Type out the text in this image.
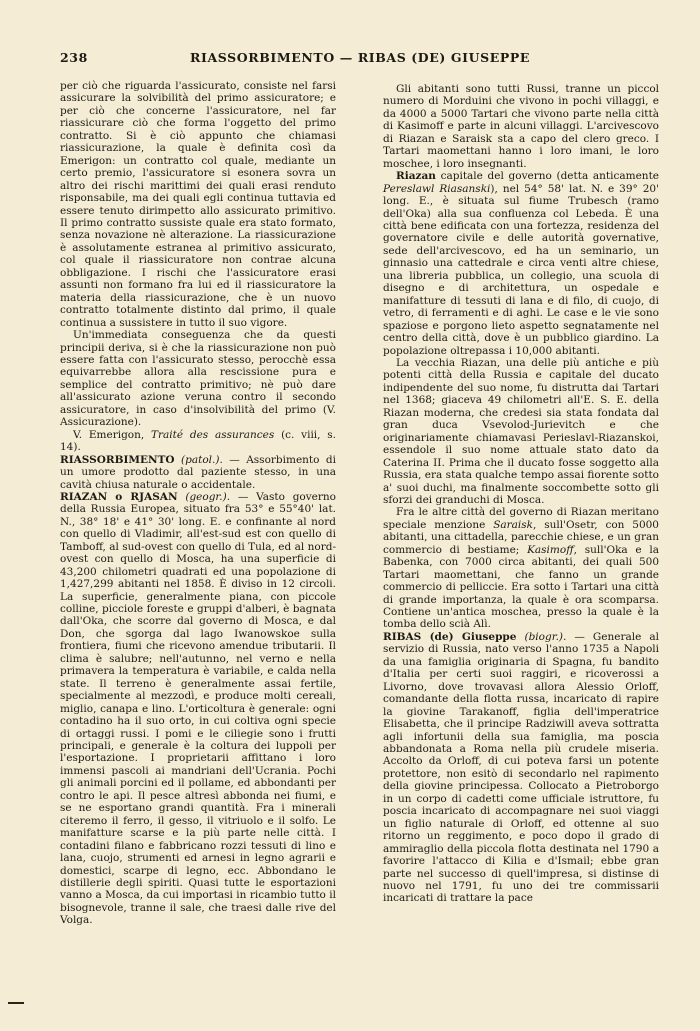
238	RIASSORBIMENTO — RIBAS (DE) GIUSEPPE

per ciò che riguarda l'assicurato, consiste nel farsi assicurare la solvibilità del primo assicuratore; e per ciò che concerne l'assicuratore, nel far riassicurare ciò che forma l'oggetto del primo contratto. Si è ciò appunto che chiamasi riassicurazione, la quale è definita così da Emerigon: un contratto col quale, mediante un certo premio, l'assicuratore si esonera sovra un altro dei rischi marittimi dei quali erasi renduto risponsabile, ma dei quali egli continua tuttavia ed essere tenuto dirimpetto allo assicurato primitivo. Il primo contratto sussiste quale era stato formato, senza novazione nè alterazione. La riassicurazione è assolutamente estranea al primitivo assicurato, col quale il riassicuratore non contrae alcuna obbligazione. I rischi che l'assicuratore erasi assunti non formano fra lui ed il riassicuratore la materia della riassicurazione, che è un nuovo contratto totalmente distinto dal primo, il quale continua a sussistere in tutto il suo vigore.

Un'immediata conseguenza che da questi principii deriva, si è che la riassicurazione non può essere fatta con l'assicurato stesso, perocchè essa equivarrebbe allora alla rescissione pura e semplice del contratto primitivo; nè può dare all'assicurato azione veruna contro il secondo assicuratore, in caso d'insolvibilità del primo (V. Assicurazione).

V. Emerigon, Traité des assurances (c. viii, s. 14).

RIASSORBIMENTO (patol.). — Assorbimento di un umore prodotto dal paziente stesso, in una cavità chiusa naturale o accidentale.

RIAZAN o RJASAN (geogr.). — Vasto governo della Russia Europea, situato fra 53° e 55°40' lat. N., 38° 18' e 41° 30' long. E. e confinante al nord con quello di Vladimir, all'est-sud est con quello di Tamboff, al sud-ovest con quello di Tula, ed al nord-ovest con quello di Mosca, ha una superficie di 43,200 chilometri quadrati ed una popolazione di 1,427,299 abitanti nel 1858. È diviso in 12 circoli. La superficie, generalmente piana, con piccole colline, picciole foreste e gruppi d'alberi, è bagnata dall'Oka, che scorre dal governo di Mosca, e dal Don, che sgorga dal lago Iwanowskoe sulla frontiera, fiumi che ricevono amendue tributarii. Il clima è salubre; nell'autunno, nel verno e nella primavera la temperatura è variabile, e calda nella state. Il terreno è generalmente assai fertile, specialmente al mezzodì, e produce molti cereali, miglio, canapa e lino. L'orticoltura è generale: ogni contadino ha il suo orto, in cui coltiva ogni specie di ortaggi russi. I pomi e le ciliegie sono i frutti principali, e generale è la coltura dei luppoli per l'esportazione. I proprietarii affittano i loro immensi pascoli ai mandriani dell'Ucrania. Pochi gli animali porcini ed il pollame, ed abbondanti per contro le api. Il pesce altresì abbonda nei fiumi, e se ne esportano grandi quantità. Fra i minerali citeremo il ferro, il gesso, il vitriuolo e il solfo. Le manifatture scarse e la più parte nelle città. I contadini filano e fabbricano rozzi tessuti di lino e lana, cuojo, strumenti ed arnesi in legno agrarii e domestici, scarpe di legno, ecc. Abbondano le distillerie degli spiriti. Quasi tutte le esportazioni vanno a Mosca, da cui importasi in ricambio tutto il bisognevole, tranne il sale, che traesi dalle rive del Volga.

Gli abitanti sono tutti Russi, tranne un piccol numero di Morduini che vivono in pochi villaggi, e da 4000 a 5000 Tartari che vivono parte nella città di Kasimoff e parte in alcuni villaggi. L'arcivescovo di Riazan e Saraisk sta a capo del clero greco. I Tartari maomettani hanno i loro imani, le loro moschee, i loro insegnanti.

Riazan capitale del governo (detta anticamente Pereslawl Riasanski), nel 54° 58' lat. N. e 39° 20' long. E., è situata sul fiume Trubesch (ramo dell'Oka) alla sua confluenza col Lebeda. È una città bene edificata con una fortezza, residenza del governatore civile e delle autorità governative, sede dell'arcivescovo, ed ha un seminario, un ginnasio una cattedrale e circa venti altre chiese, una libreria pubblica, un collegio, una scuola di disegno e di architettura, un ospedale e manifatture di tessuti di lana e di filo, di cuojo, di vetro, di ferramenti e di aghi. Le case e le vie sono spaziose e porgono lieto aspetto segnatamente nel centro della città, dove è un pubblico giardino. La popolazione oltrepassa i 10,000 abitanti.

La vecchia Riazan, una delle più antiche e più potenti città della Russia e capitale del ducato indipendente del suo nome, fu distrutta dai Tartari nel 1368; giaceva 49 chilometri all'E. S. E. della Riazan moderna, che credesi sia stata fondata dal gran duca Vsevolod-Jurievitch e che originariamente chiamavasi Perieslavl-Riazanskoi, essendole il suo nome attuale stato dato da Caterina II. Prima che il ducato fosse soggetto alla Russia, era stata qualche tempo assai fiorente sotto a' suoi duchi, ma finalmente soccombette sotto gli sforzi dei granduchi di Mosca.

Fra le altre città del governo di Riazan meritano speciale menzione Saraisk, sull'Osetr, con 5000 abitanti, una cittadella, parecchie chiese, e un gran commercio di bestiame; Kasimoff, sull'Oka e la Babenka, con 7000 circa abitanti, dei quali 500 Tartari maomettani, che fanno un grande commercio di pelliccie. Era sotto i Tartari una città di grande importanza, la quale è ora scomparsa. Contiene un'antica moschea, presso la quale è la tomba dello scià Alì.

RIBAS (de) Giuseppe (biogr.). — Generale al servizio di Russia, nato verso l'anno 1735 a Napoli da una famiglia originaria di Spagna, fu bandito d'Italia per certi suoi raggiri, e ricoverossi a Livorno, dove trovavasi allora Alessio Orloff, comandante della flotta russa, incaricato di rapire la giovine Tarakanoff, figlia dell'imperatrice Elisabetta, che il principe Radziwill aveva sottratta agli infortunii della sua famiglia, ma poscia abbandonata a Roma nella più crudele miseria. Accolto da Orloff, di cui poteva farsi un potente protettore, non esitò di secondarlo nel rapimento della giovine principessa. Collocato a Pietroborgo in un corpo di cadetti come ufficiale istruttore, fu poscia incaricato di accompagnare nei suoi viaggi un figlio naturale di Orloff, ed ottenne al suo ritorno un reggimento, e poco dopo il grado di ammiraglio della piccola flotta destinata nel 1790 a favorire l'attacco di Kilia e d'Ismail; ebbe gran parte nel successo di quell'impresa, si distinse di nuovo nel 1791, fu uno dei tre commissarii incaricati di trattare la pace
